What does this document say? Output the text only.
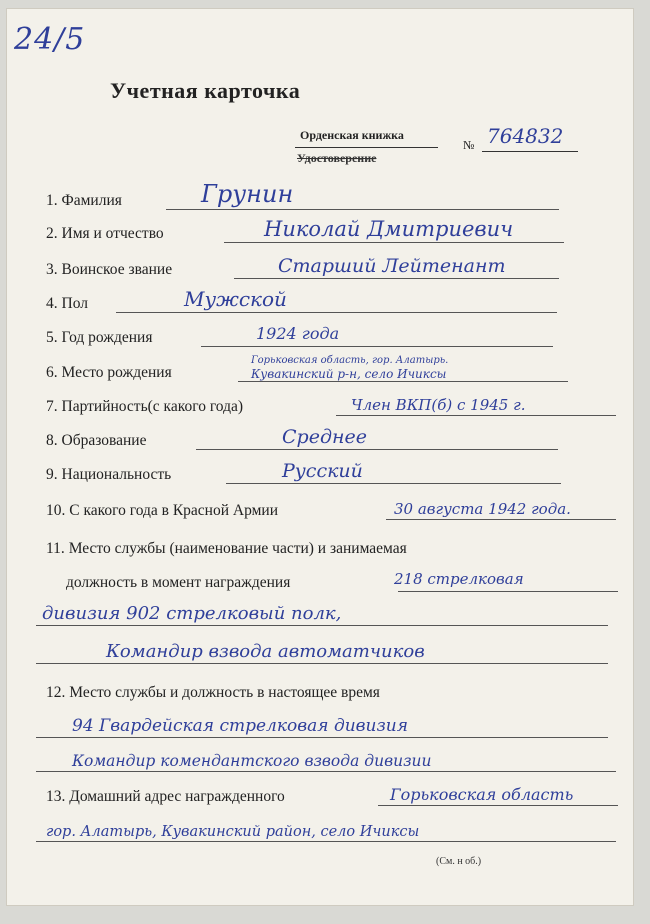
24/5
Учетная карточка
Орденская книжка
Удостоверение
№ 764832
1. Фамилия	Грунин
2. Имя и отчество	Николай Дмитриевич
3. Воинское звание	Старший Лейтенант
4. Пол	Мужской
5. Год рождения	1924 года
6. Место рождения
Горьковская область, гор. Алатырь.
Кувакинский р-н, село Ичиксы
7. Партийность(с какого года)	Член ВКП(б) с 1945 г.
8. Образование	Среднее
9. Национальность	Русский
10. С какого года в Красной Армии	30 августа 1942 года.
11. Место службы (наименование части) и занимаемая
должность в момент награждения	218 стрелковая
дивизия 902 стрелковый полк,
Командир взвода автоматчиков
12. Место службы и должность в настоящее время
94 Гвардейская стрелковая дивизия
Командир комендантского взвода дивизии
13. Домашний адрес награжденного	Горьковская область
гор. Алатырь, Кувакинский район, село Ичиксы
(См. н об.)
